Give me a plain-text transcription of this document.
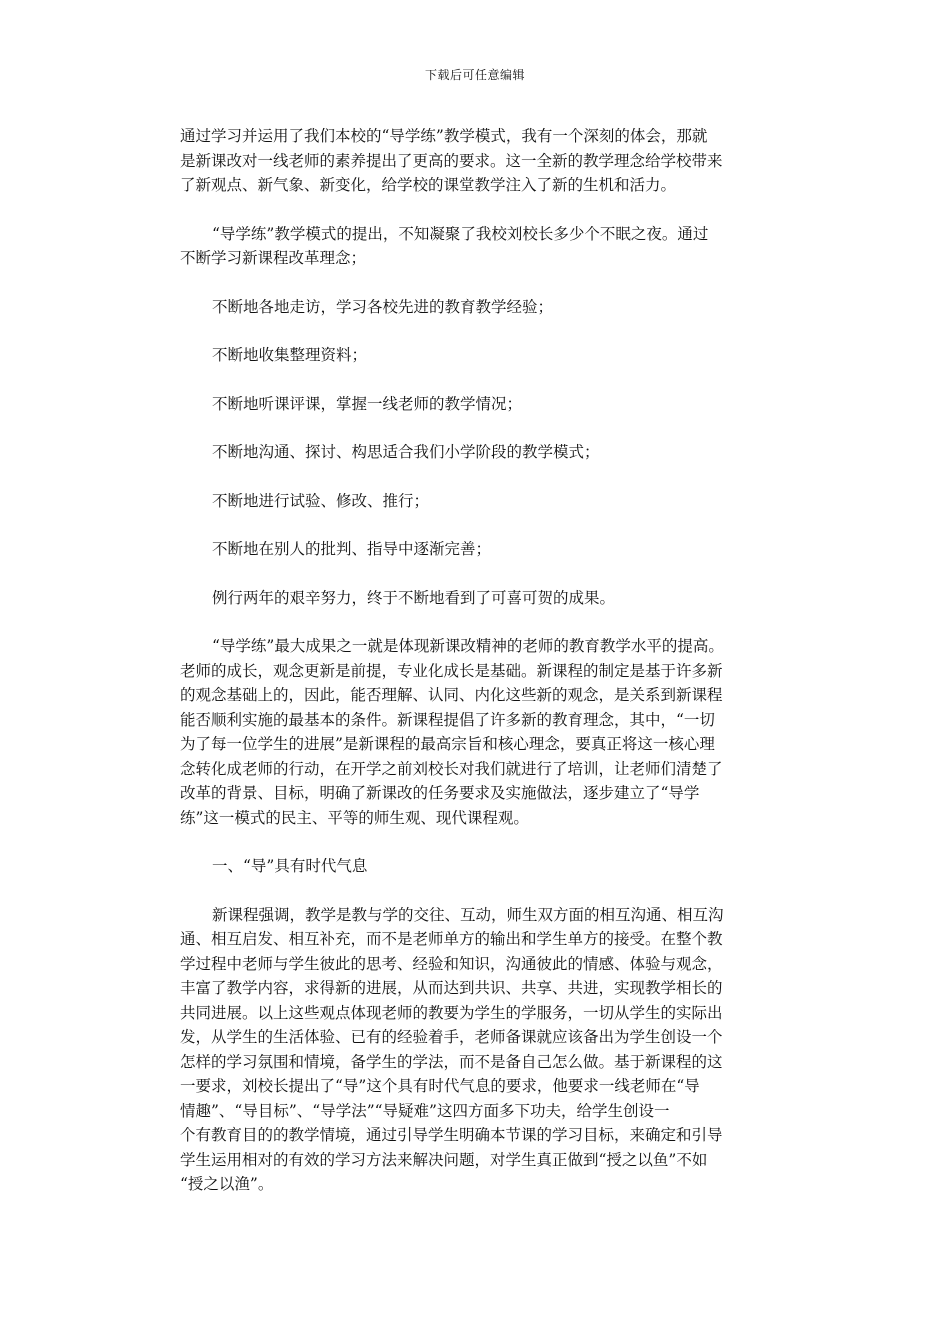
下载后可任意编辑

通过学习并运用了我们本校的“导学练”教学模式，我有一个深刻的体会，那就
是新课改对一线老师的素养提出了更高的要求。这一全新的教学理念给学校带来
了新观点、新气象、新变化，给学校的课堂教学注入了新的生机和活力。

“导学练”教学模式的提出，不知凝聚了我校刘校长多少个不眠之夜。通过
不断学习新课程改革理念；

不断地各地走访，学习各校先进的教育教学经验；

不断地收集整理资料；

不断地听课评课，掌握一线老师的教学情况；

不断地沟通、探讨、构思适合我们小学阶段的教学模式；

不断地进行试验、修改、推行；

不断地在别人的批判、指导中逐渐完善；

例行两年的艰辛努力，终于不断地看到了可喜可贺的成果。

“导学练”最大成果之一就是体现新课改精神的老师的教育教学水平的提高。
老师的成长，观念更新是前提，专业化成长是基础。新课程的制定是基于许多新
的观念基础上的，因此，能否理解、认同、内化这些新的观念，是关系到新课程
能否顺利实施的最基本的条件。新课程提倡了许多新的教育理念，其中，“一切
为了每一位学生的进展”是新课程的最高宗旨和核心理念，要真正将这一核心理
念转化成老师的行动，在开学之前刘校长对我们就进行了培训，让老师们清楚了
改革的背景、目标，明确了新课改的任务要求及实施做法，逐步建立了“导学
练”这一模式的民主、平等的师生观、现代课程观。

一、“导”具有时代气息

新课程强调，教学是教与学的交往、互动，师生双方面的相互沟通、相互沟
通、相互启发、相互补充，而不是老师单方的输出和学生单方的接受。在整个教
学过程中老师与学生彼此的思考、经验和知识，沟通彼此的情感、体验与观念，
丰富了教学内容，求得新的进展，从而达到共识、共享、共进，实现教学相长的
共同进展。以上这些观点体现老师的教要为学生的学服务，一切从学生的实际出
发，从学生的生活体验、已有的经验着手，老师备课就应该备出为学生创设一个
怎样的学习氛围和情境，备学生的学法，而不是备自己怎么做。基于新课程的这
一要求，刘校长提出了“导”这个具有时代气息的要求，他要求一线老师在“导
情趣”、“导目标”、“导学法”“导疑难”这四方面多下功夫，给学生创设一
个有教育目的的教学情境，通过引导学生明确本节课的学习目标，来确定和引导
学生运用相对的有效的学习方法来解决问题，对学生真正做到“授之以鱼”不如
“授之以渔”。
